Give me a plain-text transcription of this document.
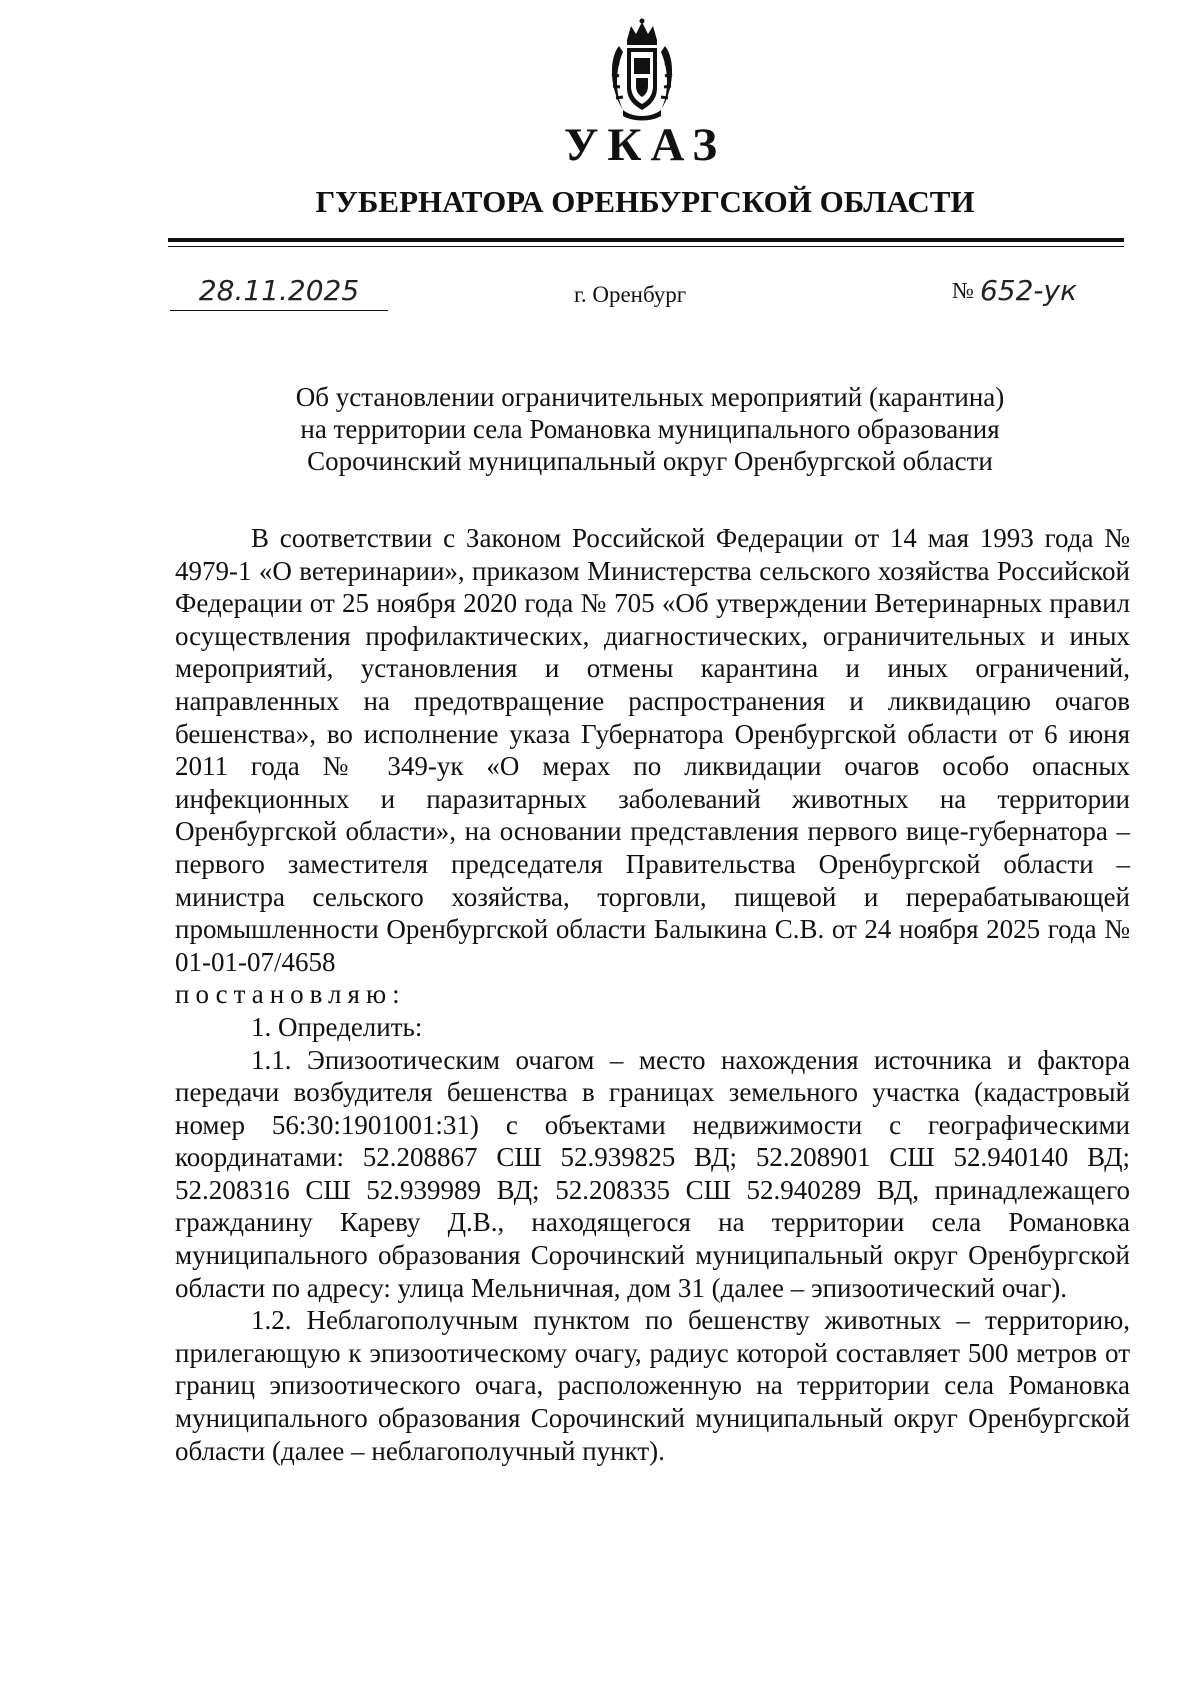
УКАЗ
ГУБЕРНАТОРА ОРЕНБУРГСКОЙ ОБЛАСТИ
28.11.2025	г. Оренбург	№ 652-ук
Об установлении ограничительных мероприятий (карантина)
на территории села Романовка муниципального образования
Сорочинский муниципальный округ Оренбургской области

В соответствии с Законом Российской Федерации от 14 мая 1993 года № 4979-1 «О ветеринарии», приказом Министерства сельского хозяйства Российской Федерации от 25 ноября 2020 года № 705 «Об утверждении Ветеринарных правил осуществления профилактических, диагностических, ограничительных и иных мероприятий, установления и отмены карантина и иных ограничений, направленных на предотвращение распространения и ликвидацию очагов бешенства», во исполнение указа Губернатора Оренбургской области от 6 июня 2011 года № 349-ук «О мерах по ликвидации очагов особо опасных инфекционных и паразитарных заболеваний животных на территории Оренбургской области», на основании представления первого вице-губернатора – первого заместителя председателя Правительства Оренбургской области – министра сельского хозяйства, торговли, пищевой и перерабатывающей промышленности Оренбургской области Балыкина С.В. от 24 ноября 2025 года № 01-01-07/4658

постановляю:

1. Определить:

1.1. Эпизоотическим очагом – место нахождения источника и фактора передачи возбудителя бешенства в границах земельного участка (кадастровый номер 56:30:1901001:31) с объектами недвижимости с географическими координатами: 52.208867 СШ 52.939825 ВД; 52.208901 СШ 52.940140 ВД; 52.208316 СШ 52.939989 ВД; 52.208335 СШ 52.940289 ВД, принадлежащего гражданину Кареву Д.В., находящегося на территории села Романовка муниципального образования Сорочинский муниципальный округ Оренбургской области по адресу: улица Мельничная, дом 31 (далее – эпизоотический очаг).

1.2. Неблагополучным пунктом по бешенству животных – территорию, прилегающую к эпизоотическому очагу, радиус которой составляет 500 метров от границ эпизоотического очага, расположенную на территории села Романовка муниципального образования Сорочинский муниципальный округ Оренбургской области (далее – неблагополучный пункт).
